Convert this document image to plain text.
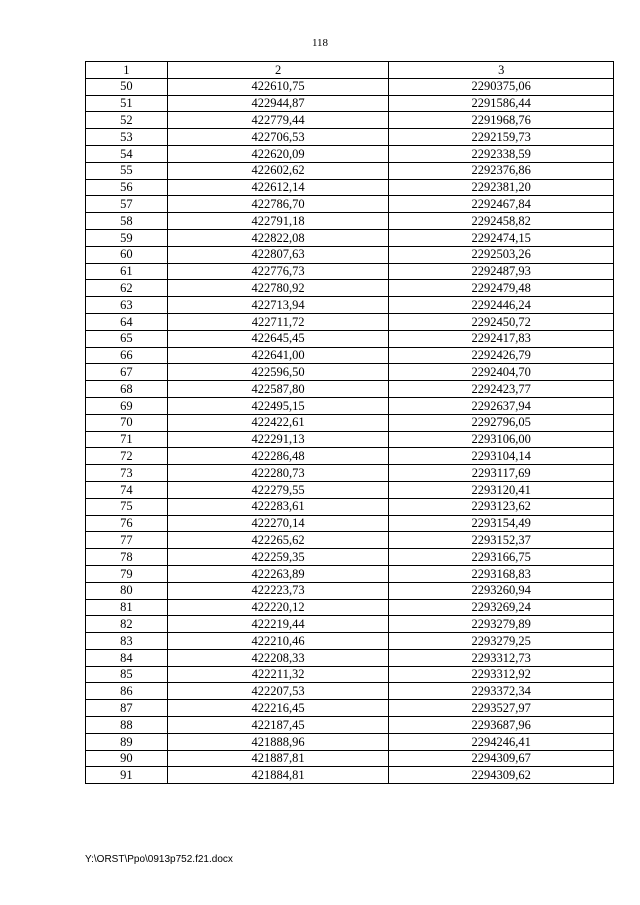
118
1	2	3
50	422610,75	2290375,06
51	422944,87	2291586,44
52	422779,44	2291968,76
53	422706,53	2292159,73
54	422620,09	2292338,59
55	422602,62	2292376,86
56	422612,14	2292381,20
57	422786,70	2292467,84
58	422791,18	2292458,82
59	422822,08	2292474,15
60	422807,63	2292503,26
61	422776,73	2292487,93
62	422780,92	2292479,48
63	422713,94	2292446,24
64	422711,72	2292450,72
65	422645,45	2292417,83
66	422641,00	2292426,79
67	422596,50	2292404,70
68	422587,80	2292423,77
69	422495,15	2292637,94
70	422422,61	2292796,05
71	422291,13	2293106,00
72	422286,48	2293104,14
73	422280,73	2293117,69
74	422279,55	2293120,41
75	422283,61	2293123,62
76	422270,14	2293154,49
77	422265,62	2293152,37
78	422259,35	2293166,75
79	422263,89	2293168,83
80	422223,73	2293260,94
81	422220,12	2293269,24
82	422219,44	2293279,89
83	422210,46	2293279,25
84	422208,33	2293312,73
85	422211,32	2293312,92
86	422207,53	2293372,34
87	422216,45	2293527,97
88	422187,45	2293687,96
89	421888,96	2294246,41
90	421887,81	2294309,67
91	421884,81	2294309,62
Y:\ORST\Ppo\0913p752.f21.docx
